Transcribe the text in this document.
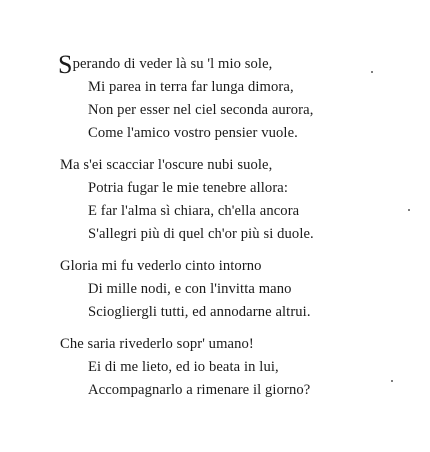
Sperando di veder là su 'l mio sole,
Mi parea in terra far lunga dimora,
Non per esser nel ciel seconda aurora,
Come l'amico vostro pensier vuole.
Ma s'ei scacciar l'oscure nubi suole,
Potria fugar le mie tenebre allora:
E far l'alma sì chiara, ch'ella ancora
S'allegri più di quel ch'or più si duole.
Gloria mi fu vederlo cinto intorno
Di mille nodi, e con l'invitta mano
Sciogliergli tutti, ed annodarne altrui.
Che saria rivederlo sopr' umano!
Ei di me lieto, ed io beata in lui,
Accompagnarlo a rimenare il giorno?
